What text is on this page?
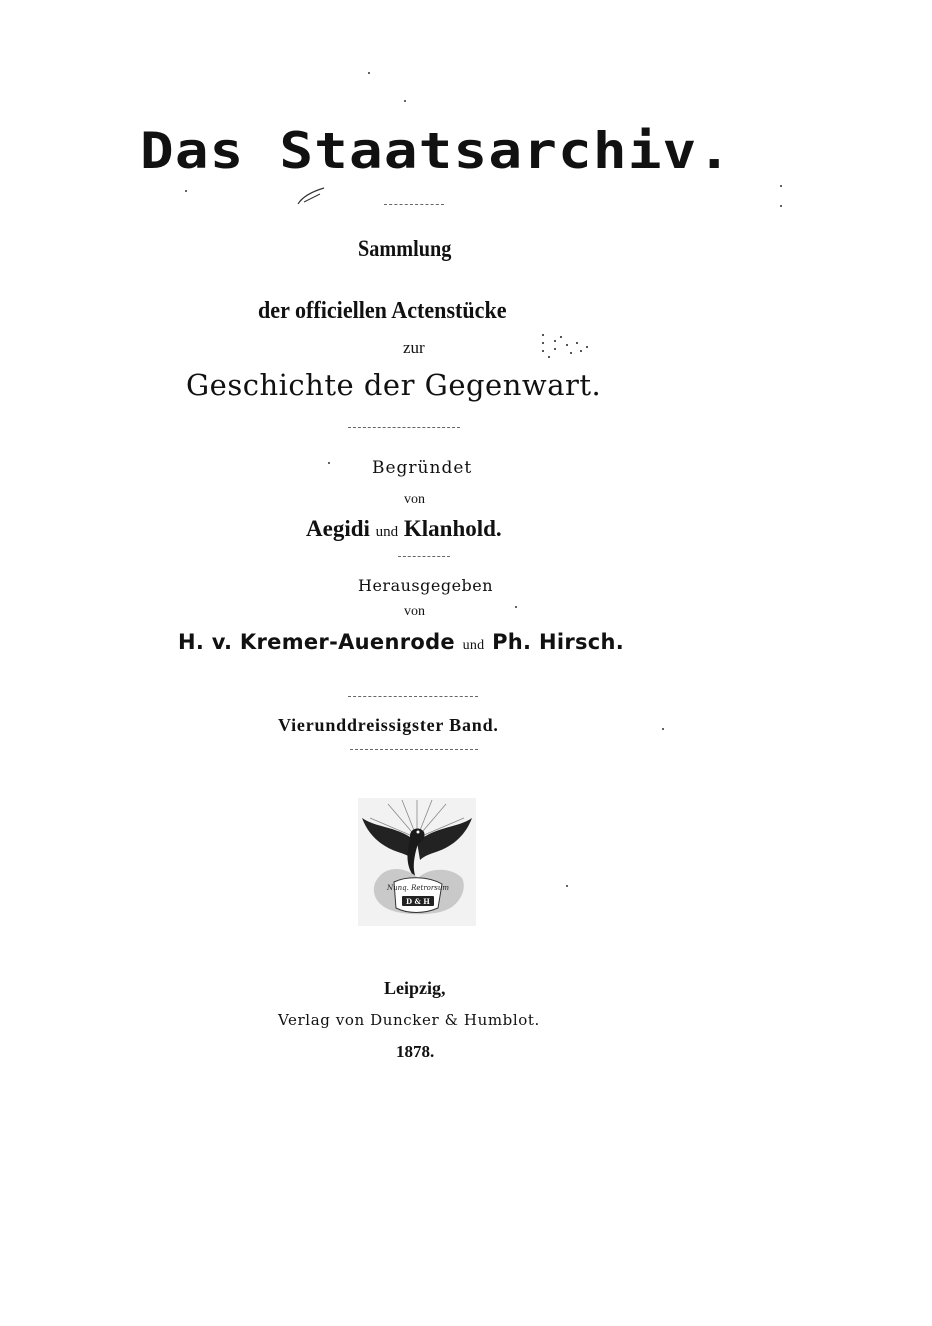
Das Staatsarchiv.
Sammlung
der officiellen Actenstücke
zur
Geschichte der Gegenwart.
Begründet
von
Aegidi und Klanhold.
Herausgegeben
von
H. v. Kremer-Auenrode und Ph. Hirsch.
Vierunddreissigster Band.
Nunq. Retrorsum
D & H
Leipzig,
Verlag von Duncker & Humblot.
1878.
